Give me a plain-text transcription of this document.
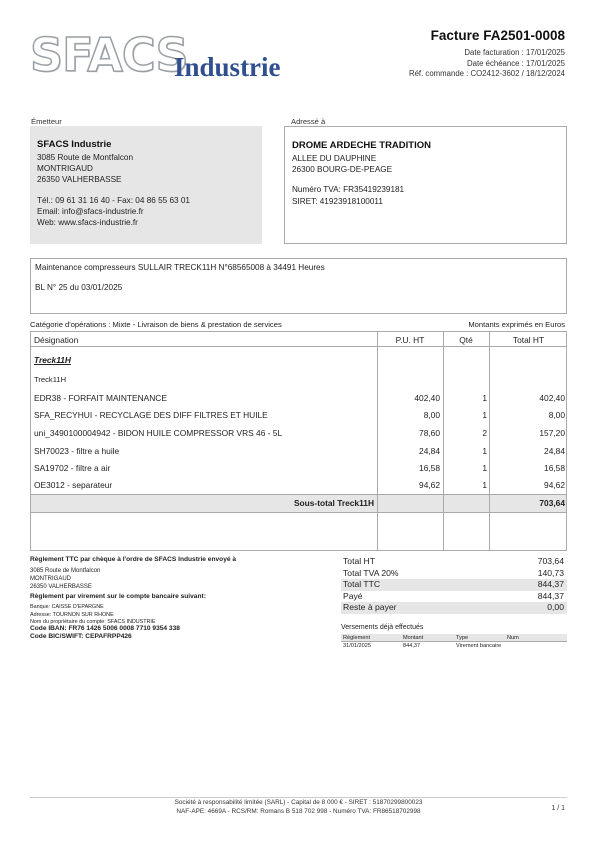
SFACS
Industrie
Facture FA2501-0008
Date facturation : 17/01/2025
Date échéance : 17/01/2025
Réf. commande : CO2412-3602 / 18/12/2024
Émetteur	Adressé à
SFACS Industrie
3085 Route de Montfalcon
MONTRIGAUD
26350 VALHERBASSE
Tél.: 09 61 31 16 40 - Fax: 04 86 55 63 01
Email: info@sfacs-industrie.fr
Web: www.sfacs-industrie.fr
DROME ARDECHE TRADITION
ALLEE DU DAUPHINE
26300 BOURG-DE-PEAGE
Numéro TVA: FR35419239181
SIRET: 41923918100011
Maintenance compresseurs SULLAIR TRECK11H N°68565008 à 34491 Heures
BL N° 25 du 03/01/2025
Catégorie d'opérations : Mixte - Livraison de biens & prestation de services	Montants exprimés en Euros
Désignation	P.U. HT	Qté	Total HT
Treck11H
Treck11H
EDR38 - FORFAIT MAINTENANCE	402,40	1	402,40
SFA_RECYHUI - RECYCLAGE DES DIFF FILTRES ET HUILE	8,00	1	8,00
uni_3490100004942 - BIDON HUILE COMPRESSOR VRS 46 - 5L	78,60	2	157,20
SH70023 - filtre a huile	24,84	1	24,84
SA19702 - filtre a air	16,58	1	16,58
OE3012 - separateur	94,62	1	94,62
Sous-total Treck11H	703,64
Règlement TTC par chèque à l'ordre de SFACS Industrie envoyé à
3085 Route de Montfalcon
MONTRIGAUD
26350 VALHERBASSE
Règlement par virement sur le compte bancaire suivant:
Banque: CAISSE D'EPARGNE
Adresse: TOURNON SUR RHONE
Nom du propriétaire du compte: SFACS INDUSTRIE
Code IBAN: FR76 1426 5006 0008 7710 9354 338
Code BIC/SWIFT: CEPAFRPP426
Total HT	703,64
Total TVA 20%	140,73
Total TTC	844,37
Payé	844,37
Reste à payer	0,00
Versements déjà effectués
Règlement	Montant	Type	Num
31/01/2025	844,37	Virement bancaire
Société à responsabilité limitée (SARL) - Capital de 8 000 € - SIRET : 51870299800023
NAF-APE: 4669A - RCS/RM: Romans B 518 702 998 - Numéro TVA: FR86518702998	1 / 1
